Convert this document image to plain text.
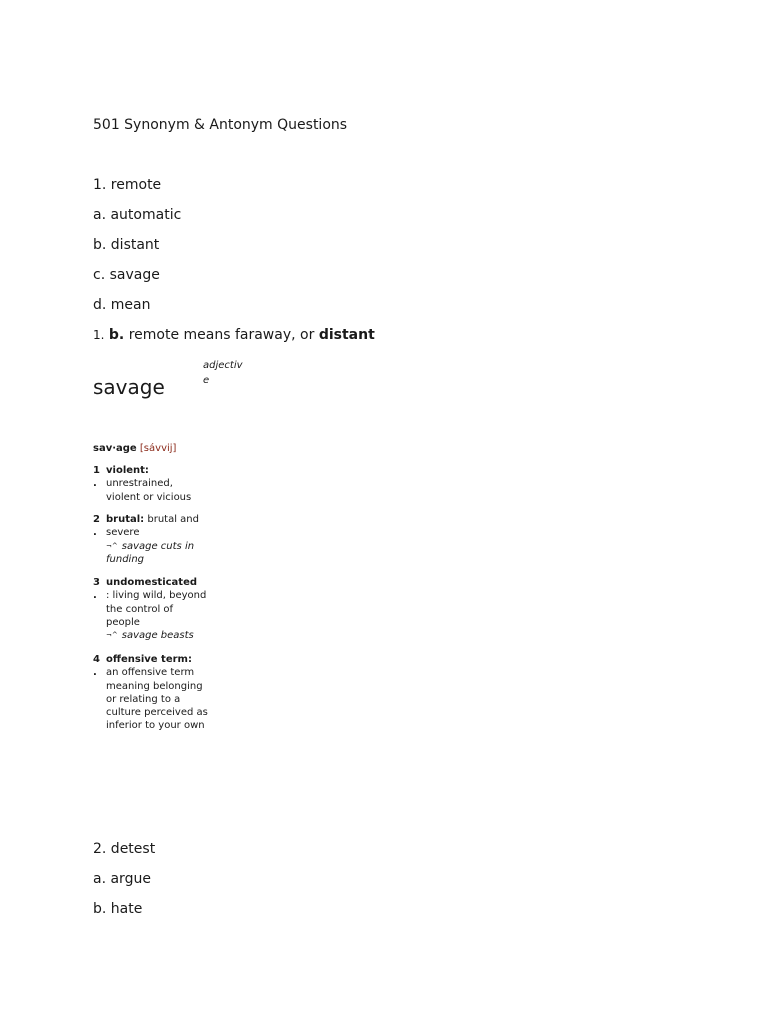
501 Synonym & Antonym Questions
1. remote
a. automatic
b. distant
c. savage
d. mean
1. b. remote means faraway, or distant
savage
adjective
sav·age [sávvij]
1
.
violent:
unrestrained, violent or vicious
2
.
brutal: brutal and severe
¬^ savage cuts in funding
3
.
undomesticated
: living wild, beyond the control of people
¬^ savage beasts
4
.
offensive term:
an offensive term meaning belonging or relating to a culture perceived as inferior to your own
2. detest
a. argue
b. hate
